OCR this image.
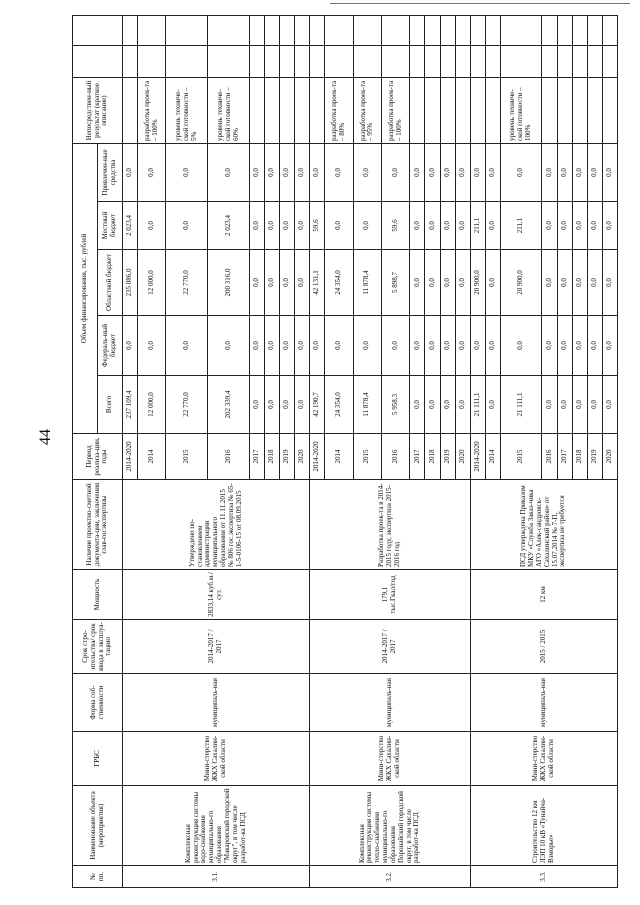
44
№ пп.	Наименование объекта (мероприятия)	ГРБС	Форма соб-ственности	Срок стро-ительства/ срок ввода в эксплуа-тацию	Мощность	Наличие проектно-сметной документа-ции, заключения глав-госэкспертизы	Период реализа-ции, годы	Объем финансирования, тыс. рублей					Непосредствен-ный результат (краткое описание)		
								Всего	Федераль-ный бюджет	Областной бюджет	Местный бюджет	Привлечен-ные средства			
3.1.	Комплексная реконструкция системы водо-снабжения муниципально-го образования "Макаровский городской округ", в том числе разработ-ка ПСД	Мини-стерство ЖКХ Сахалин-ской области	муниципаль-ная	2014-2017 / 2017	2833,14 куб.м./сут.	Утверждено по-становлением администрации муниципального образования от 11.11.2015 № 806 гос.экспертиза № 65-1-5-0106-15 от 08.09.2015	2014-2020	237 109,4	0,0	235 086,0	2 023,4	0,0			
							2014	12 000,0	0,0	12 000,0	0,0	0,0	разработка проек-та – 100%		
							2015	22 770,0	0,0	22 770,0	0,0	0,0	уровень техниче-ской готовности – 5%		
							2016	202 339,4	0,0	200 316,0	2 023,4	0,0	уровень техниче-ской готовности – 60%		
							2017	0,0	0,0	0,0	0,0	0,0			
							2018	0,0	0,0	0,0	0,0	0,0			
							2019	0,0	0,0	0,0	0,0	0,0			
							2020	0,0	0,0	0,0	0,0	0,0			
3.2.	Комплексная реконструкция системы тепло-снабжения муниципально-го образования Поронайский городской округ, в том числе разработ-ка ПСД	Мини-стерство ЖКХ Сахалин-ской области	муниципаль-ная	2014-2017 / 2017	179,1 тыс.Гкал/год	Разработка проек-та в 2014-2015 году, экспертиза 2015-2016 год	2014-2020	42 190,7	0,0	42 131,1	59,6	0,0			
							2014	24 354,0	0,0	24 354,0	0,0	0,0	разработка проек-та – 80%		
							2015	11 878,4	0,0	11 878,4	0,0	0,0	разработка проек-та – 95%		
							2016	5 958,3	0,0	5 898,7	59,6	0,0	разработка проек-та – 100%		
							2017	0,0	0,0	0,0	0,0	0,0			
							2018	0,0	0,0	0,0	0,0	0,0			
							2019	0,0	0,0	0,0	0,0	0,0			
							2020	0,0	0,0	0,0	0,0	0,0			
3.3.	Строительство 12 км ЛЭП 10 кВ «Тунайча-Взморье»	Мини-стерство ЖКХ Сахалин-ской области	муниципаль-ная	2015 / 2015	12 км	ПСД утверждена Приказом МКУ «Служба Заказ-чика АГО «Алек-сандровск-Сахалинский район» от 15.07.2014 № 7-П, экспертиза не требуется	2014-2020	21 111,1	0,0	20 900,0	211,1	0,0			
							2014	0,0	0,0	0,0	0,0	0,0			
							2015	21 111,1	0,0	20 900,0	211,1	0,0	уровень техниче-ской готовности – 100%		
							2016	0,0	0,0	0,0	0,0	0,0			
							2017	0,0	0,0	0,0	0,0	0,0			
							2018	0,0	0,0	0,0	0,0	0,0			
							2019	0,0	0,0	0,0	0,0	0,0			
							2020	0,0	0,0	0,0	0,0	0,0			
